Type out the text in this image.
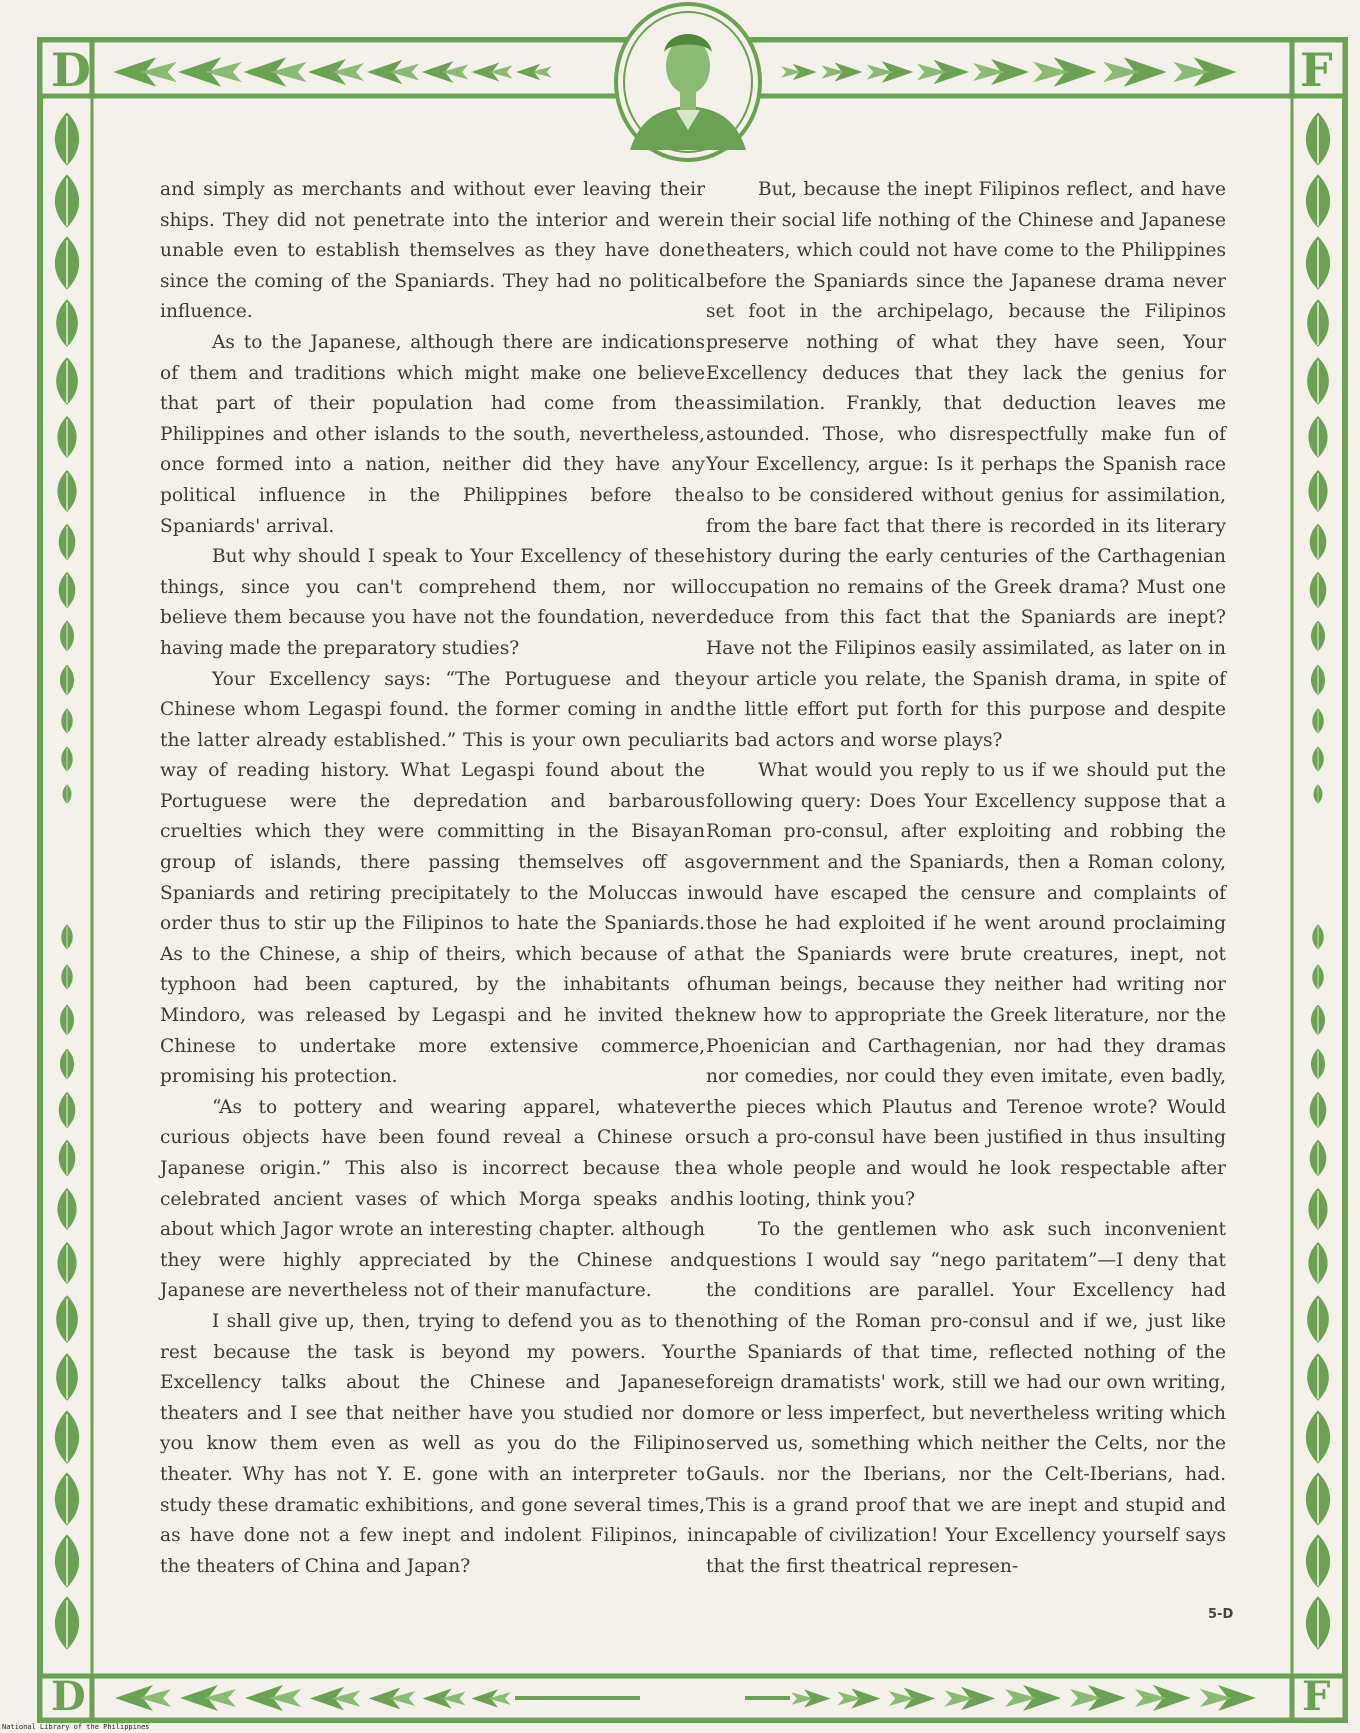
D	F
D	F

and simply as merchants and without ever leaving their ships. They did not penetrate into the interior and were unable even to establish themselves as they have done since the coming of the Spaniards. They had no political influence.

As to the Japanese, although there are indications of them and traditions which might make one believe that part of their population had come from the Philippines and other islands to the south, nevertheless, once formed into a nation, neither did they have any political influence in the Philippines before the Spaniards' arrival.

But why should I speak to Your Excellency of these things, since you can't comprehend them, nor will believe them because you have not the foundation, never having made the preparatory studies?

Your Excellency says: “The Portuguese and the Chinese whom Legaspi found. the former coming in and the latter already established.” This is your own peculiar way of reading history. What Legaspi found about the Portuguese were the depredation and barbarous cruelties which they were committing in the Bisayan group of islands, there passing themselves off as Spaniards and retiring precipitately to the Moluccas in order thus to stir up the Filipinos to hate the Spaniards. As to the Chinese, a ship of theirs, which because of a typhoon had been captured, by the inhabitants of Mindoro, was released by Legaspi and he invited the Chinese to undertake more extensive commerce, promising his protection.

“As to pottery and wearing apparel, whatever curious objects have been found reveal a Chinese or Japanese origin.” This also is incorrect because the celebrated ancient vases of which Morga speaks and about which Jagor wrote an interesting chapter. although they were highly appreciated by the Chinese and Japanese are nevertheless not of their manufacture.

I shall give up, then, trying to defend you as to the rest because the task is beyond my powers. Your Excellency talks about the Chinese and Japanese theaters and I see that neither have you studied nor do you know them even as well as you do the Filipino theater. Why has not Y. E. gone with an interpreter to study these dramatic exhibitions, and gone several times, as have done not a few inept and indolent Filipinos, in the theaters of China and Japan?

But, because the inept Filipinos reflect, and have in their social life nothing of the Chinese and Japanese theaters, which could not have come to the Philippines before the Spaniards since the Japanese drama never set foot in the archipelago, because the Filipinos preserve nothing of what they have seen, Your Excellency deduces that they lack the genius for assimilation. Frankly, that deduction leaves me astounded. Those, who disrespectfully make fun of Your Excellency, argue: Is it perhaps the Spanish race also to be considered without genius for assimilation, from the bare fact that there is recorded in its literary history during the early centuries of the Carthagenian occupation no remains of the Greek drama? Must one deduce from this fact that the Spaniards are inept? Have not the Filipinos easily assimilated, as later on in your article you relate, the Spanish drama, in spite of the little effort put forth for this purpose and despite its bad actors and worse plays?

What would you reply to us if we should put the following query: Does Your Excellency suppose that a Roman pro-consul, after exploiting and robbing the government and the Spaniards, then a Roman colony, would have escaped the censure and complaints of those he had exploited if he went around proclaiming that the Spaniards were brute creatures, inept, not human beings, because they neither had writing nor knew how to appropriate the Greek literature, nor the Phoenician and Carthagenian, nor had they dramas nor comedies, nor could they even imitate, even badly, the pieces which Plautus and Terenoe wrote? Would such a pro-consul have been justified in thus insulting a whole people and would he look respectable after his looting, think you?

To the gentlemen who ask such inconvenient questions I would say “nego paritatem”—I deny that the conditions are parallel. Your Excellency had nothing of the Roman pro-consul and if we, just like the Spaniards of that time, reflected nothing of the foreign dramatists' work, still we had our own writing, more or less imperfect, but nevertheless writing which served us, something which neither the Celts, nor the Gauls. nor the Iberians, nor the Celt-Iberians, had. This is a grand proof that we are inept and stupid and incapable of civilization! Your Excellency yourself says that the first theatrical represen-

5-D
National Library of the Philippines
